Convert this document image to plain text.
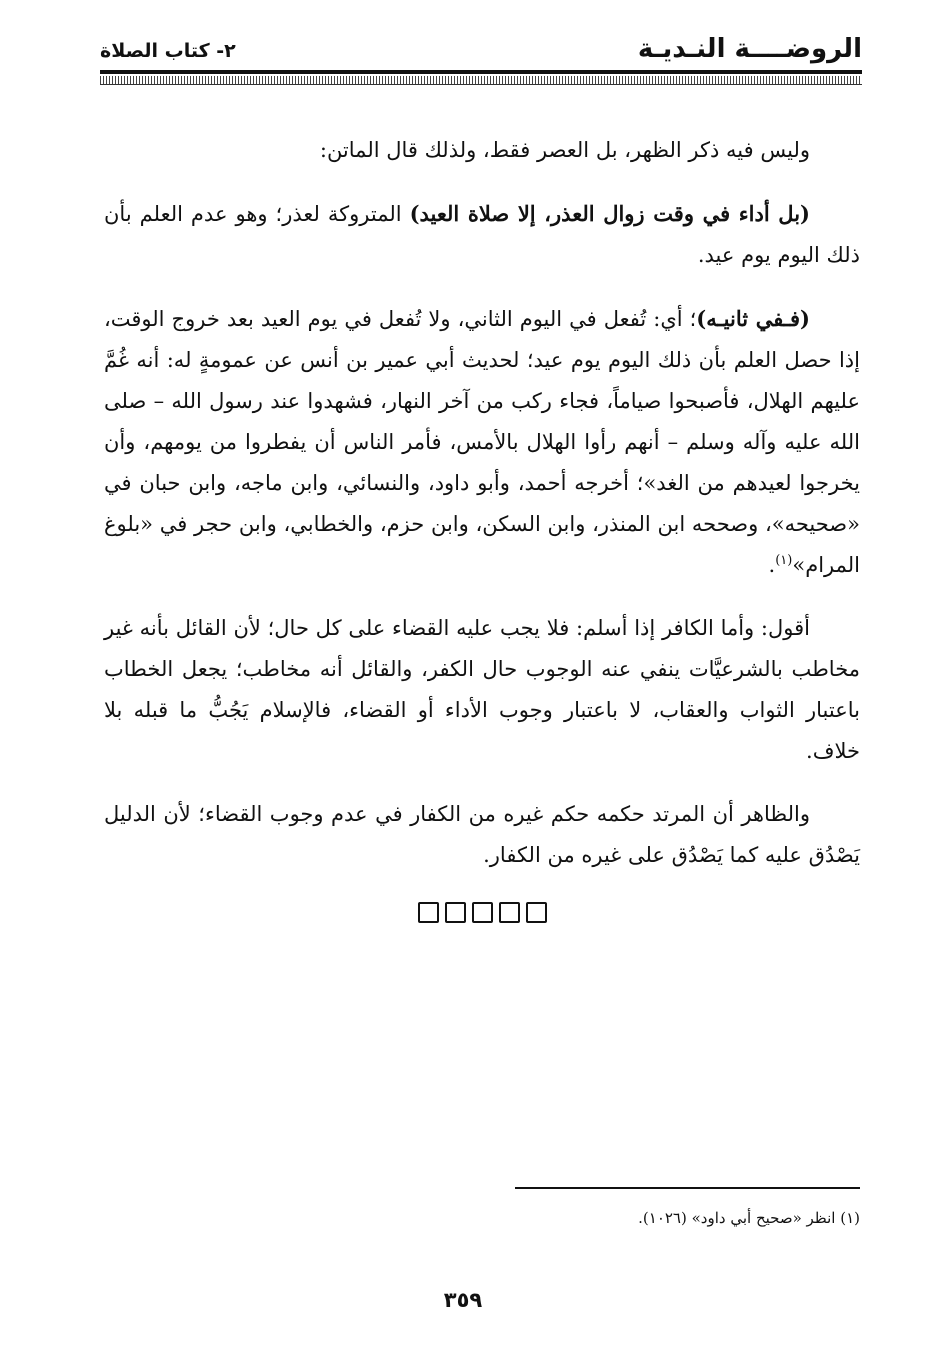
الروضــــة النـديـة
٢- كتاب الصلاة

وليس فيه ذكر الظهر، بل العصر فقط، ولذلك قال الماتن:

(بل أداء في وقت زوال العذر، إلا صلاة العيد) المتروكة لعذر؛ وهو عدم العلم بأن ذلك اليوم يوم عيد.

(فـفي ثانيـه)؛ أي: تُفعل في اليوم الثاني، ولا تُفعل في يوم العيد بعد خروج الوقت، إذا حصل العلم بأن ذلك اليوم يوم عيد؛ لحديث أبي عمير بن أنس عن عمومةٍ له: أنه غُمَّ عليهم الهلال، فأصبحوا صياماً، فجاء ركب من آخر النهار، فشهدوا عند رسول الله – صلى الله عليه وآله وسلم – أنهم رأوا الهلال بالأمس، فأمر الناس أن يفطروا من يومهم، وأن يخرجوا لعيدهم من الغد»؛ أخرجه أحمد، وأبو داود، والنسائي، وابن ماجه، وابن حبان في «صحيحه»، وصححه ابن المنذر، وابن السكن، وابن حزم، والخطابي، وابن حجر في «بلوغ المرام»$^{(١)}$.

أقول: وأما الكافر إذا أسلم: فلا يجب عليه القضاء على كل حال؛ لأن القائل بأنه غير مخاطب بالشرعيَّات ينفي عنه الوجوب حال الكفر، والقائل أنه مخاطب؛ يجعل الخطاب باعتبار الثواب والعقاب، لا باعتبار وجوب الأداء أو القضاء، فالإسلام يَجُبُّ ما قبله بلا خلاف.

والظاهر أن المرتد حكمه حكم غيره من الكفار في عدم وجوب القضاء؛ لأن الدليل يَصْدُق عليه كما يَصْدُق على غيره من الكفار.

(١) انظر «صحيح أبي داود» (١٠٢٦).
٣٥٩
